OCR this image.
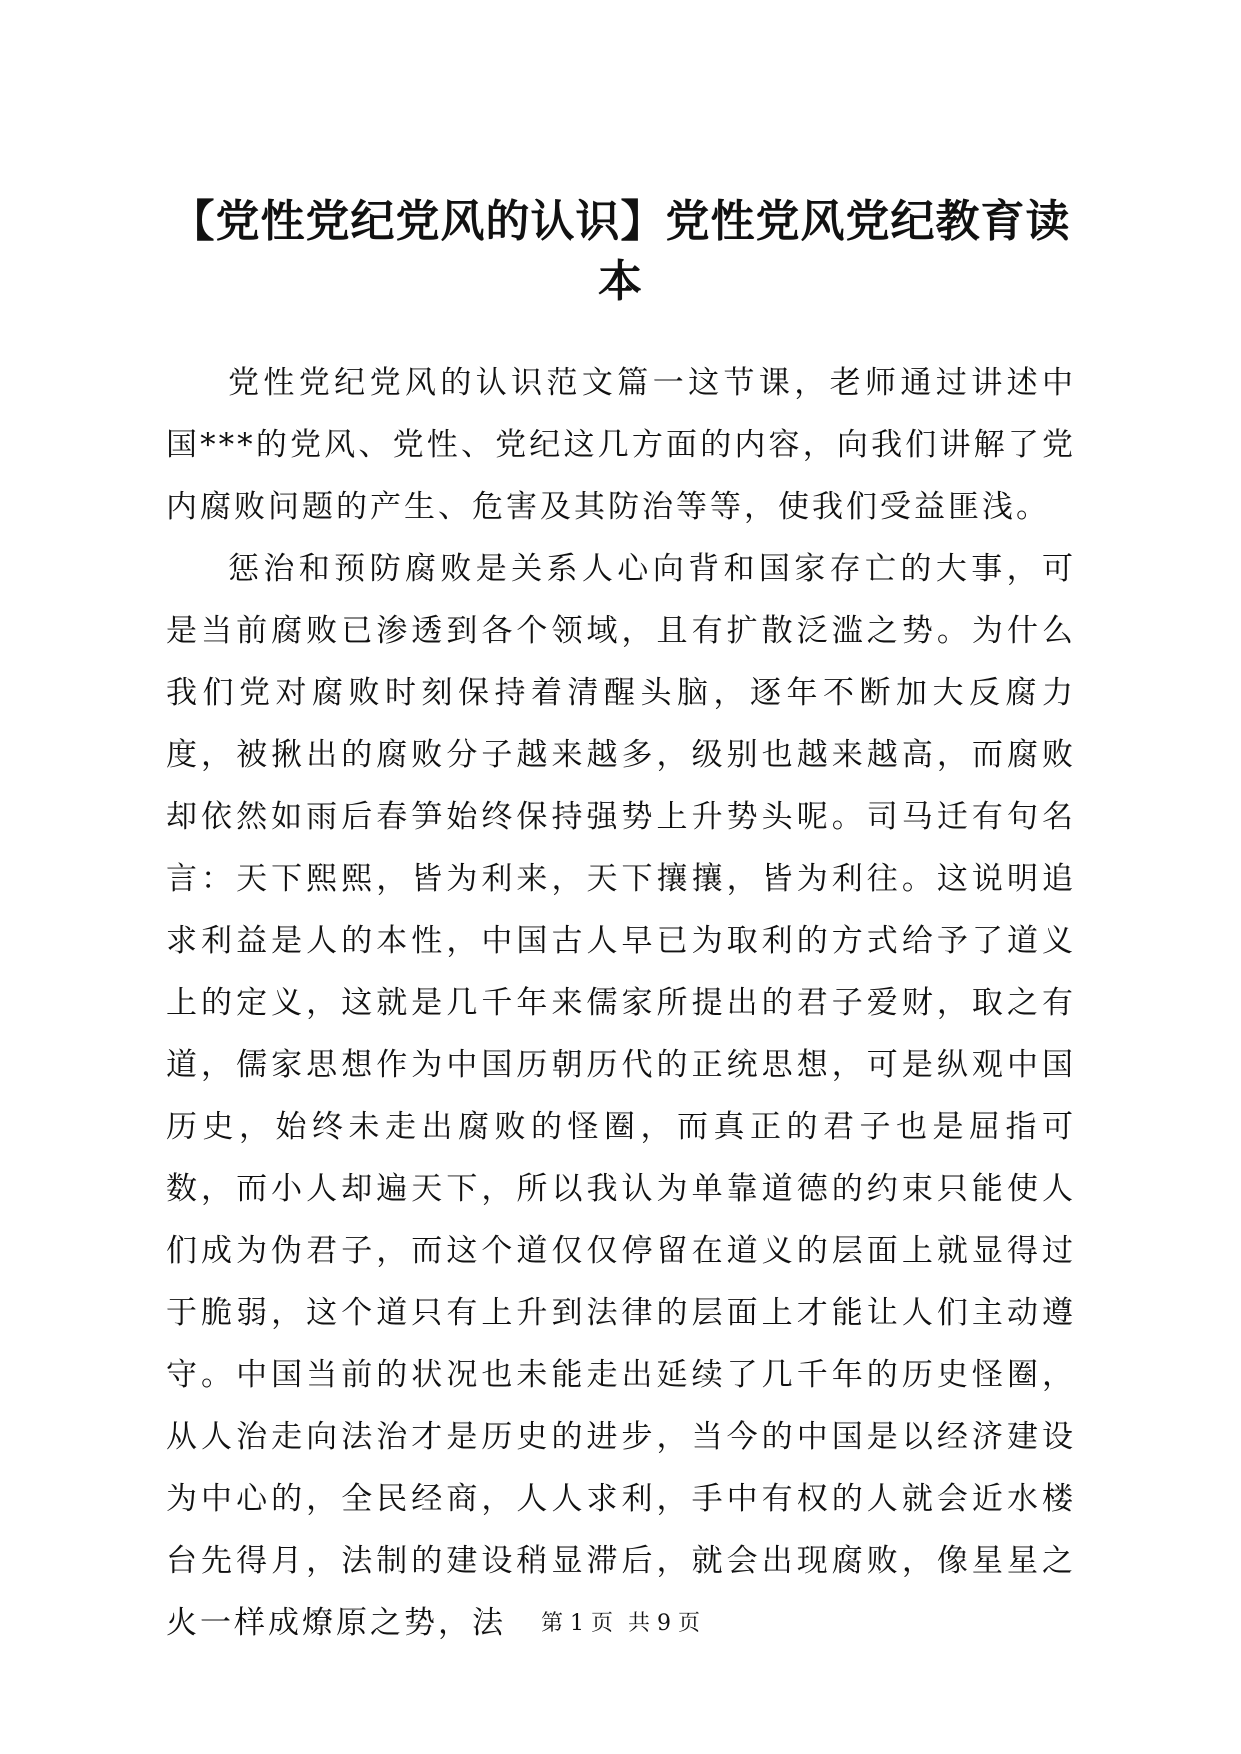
【党性党纪党风的认识】党性党风党纪教育读本

党性党纪党风的认识范文篇一这节课，老师通过讲述中国***的党风、党性、党纪这几方面的内容，向我们讲解了党内腐败问题的产生、危害及其防治等等，使我们受益匪浅。

惩治和预防腐败是关系人心向背和国家存亡的大事，可是当前腐败已渗透到各个领域，且有扩散泛滥之势。为什么我们党对腐败时刻保持着清醒头脑，逐年不断加大反腐力度，被揪出的腐败分子越来越多，级别也越来越高，而腐败却依然如雨后春笋始终保持强势上升势头呢。司马迁有句名言：天下熙熙，皆为利来，天下攘攘，皆为利往。这说明追求利益是人的本性，中国古人早已为取利的方式给予了道义上的定义，这就是几千年来儒家所提出的君子爱财，取之有道，儒家思想作为中国历朝历代的正统思想，可是纵观中国历史，始终未走出腐败的怪圈，而真正的君子也是屈指可数，而小人却遍天下，所以我认为单靠道德的约束只能使人们成为伪君子，而这个道仅仅停留在道义的层面上就显得过于脆弱，这个道只有上升到法律的层面上才能让人们主动遵守。中国当前的状况也未能走出延续了几千年的历史怪圈，从人治走向法治才是历史的进步，当今的中国是以经济建设为中心的，全民经商，人人求利，手中有权的人就会近水楼台先得月，法制的建设稍显滞后，就会出现腐败，像星星之火一样成燎原之势，法	第 1 页 共 9 页
